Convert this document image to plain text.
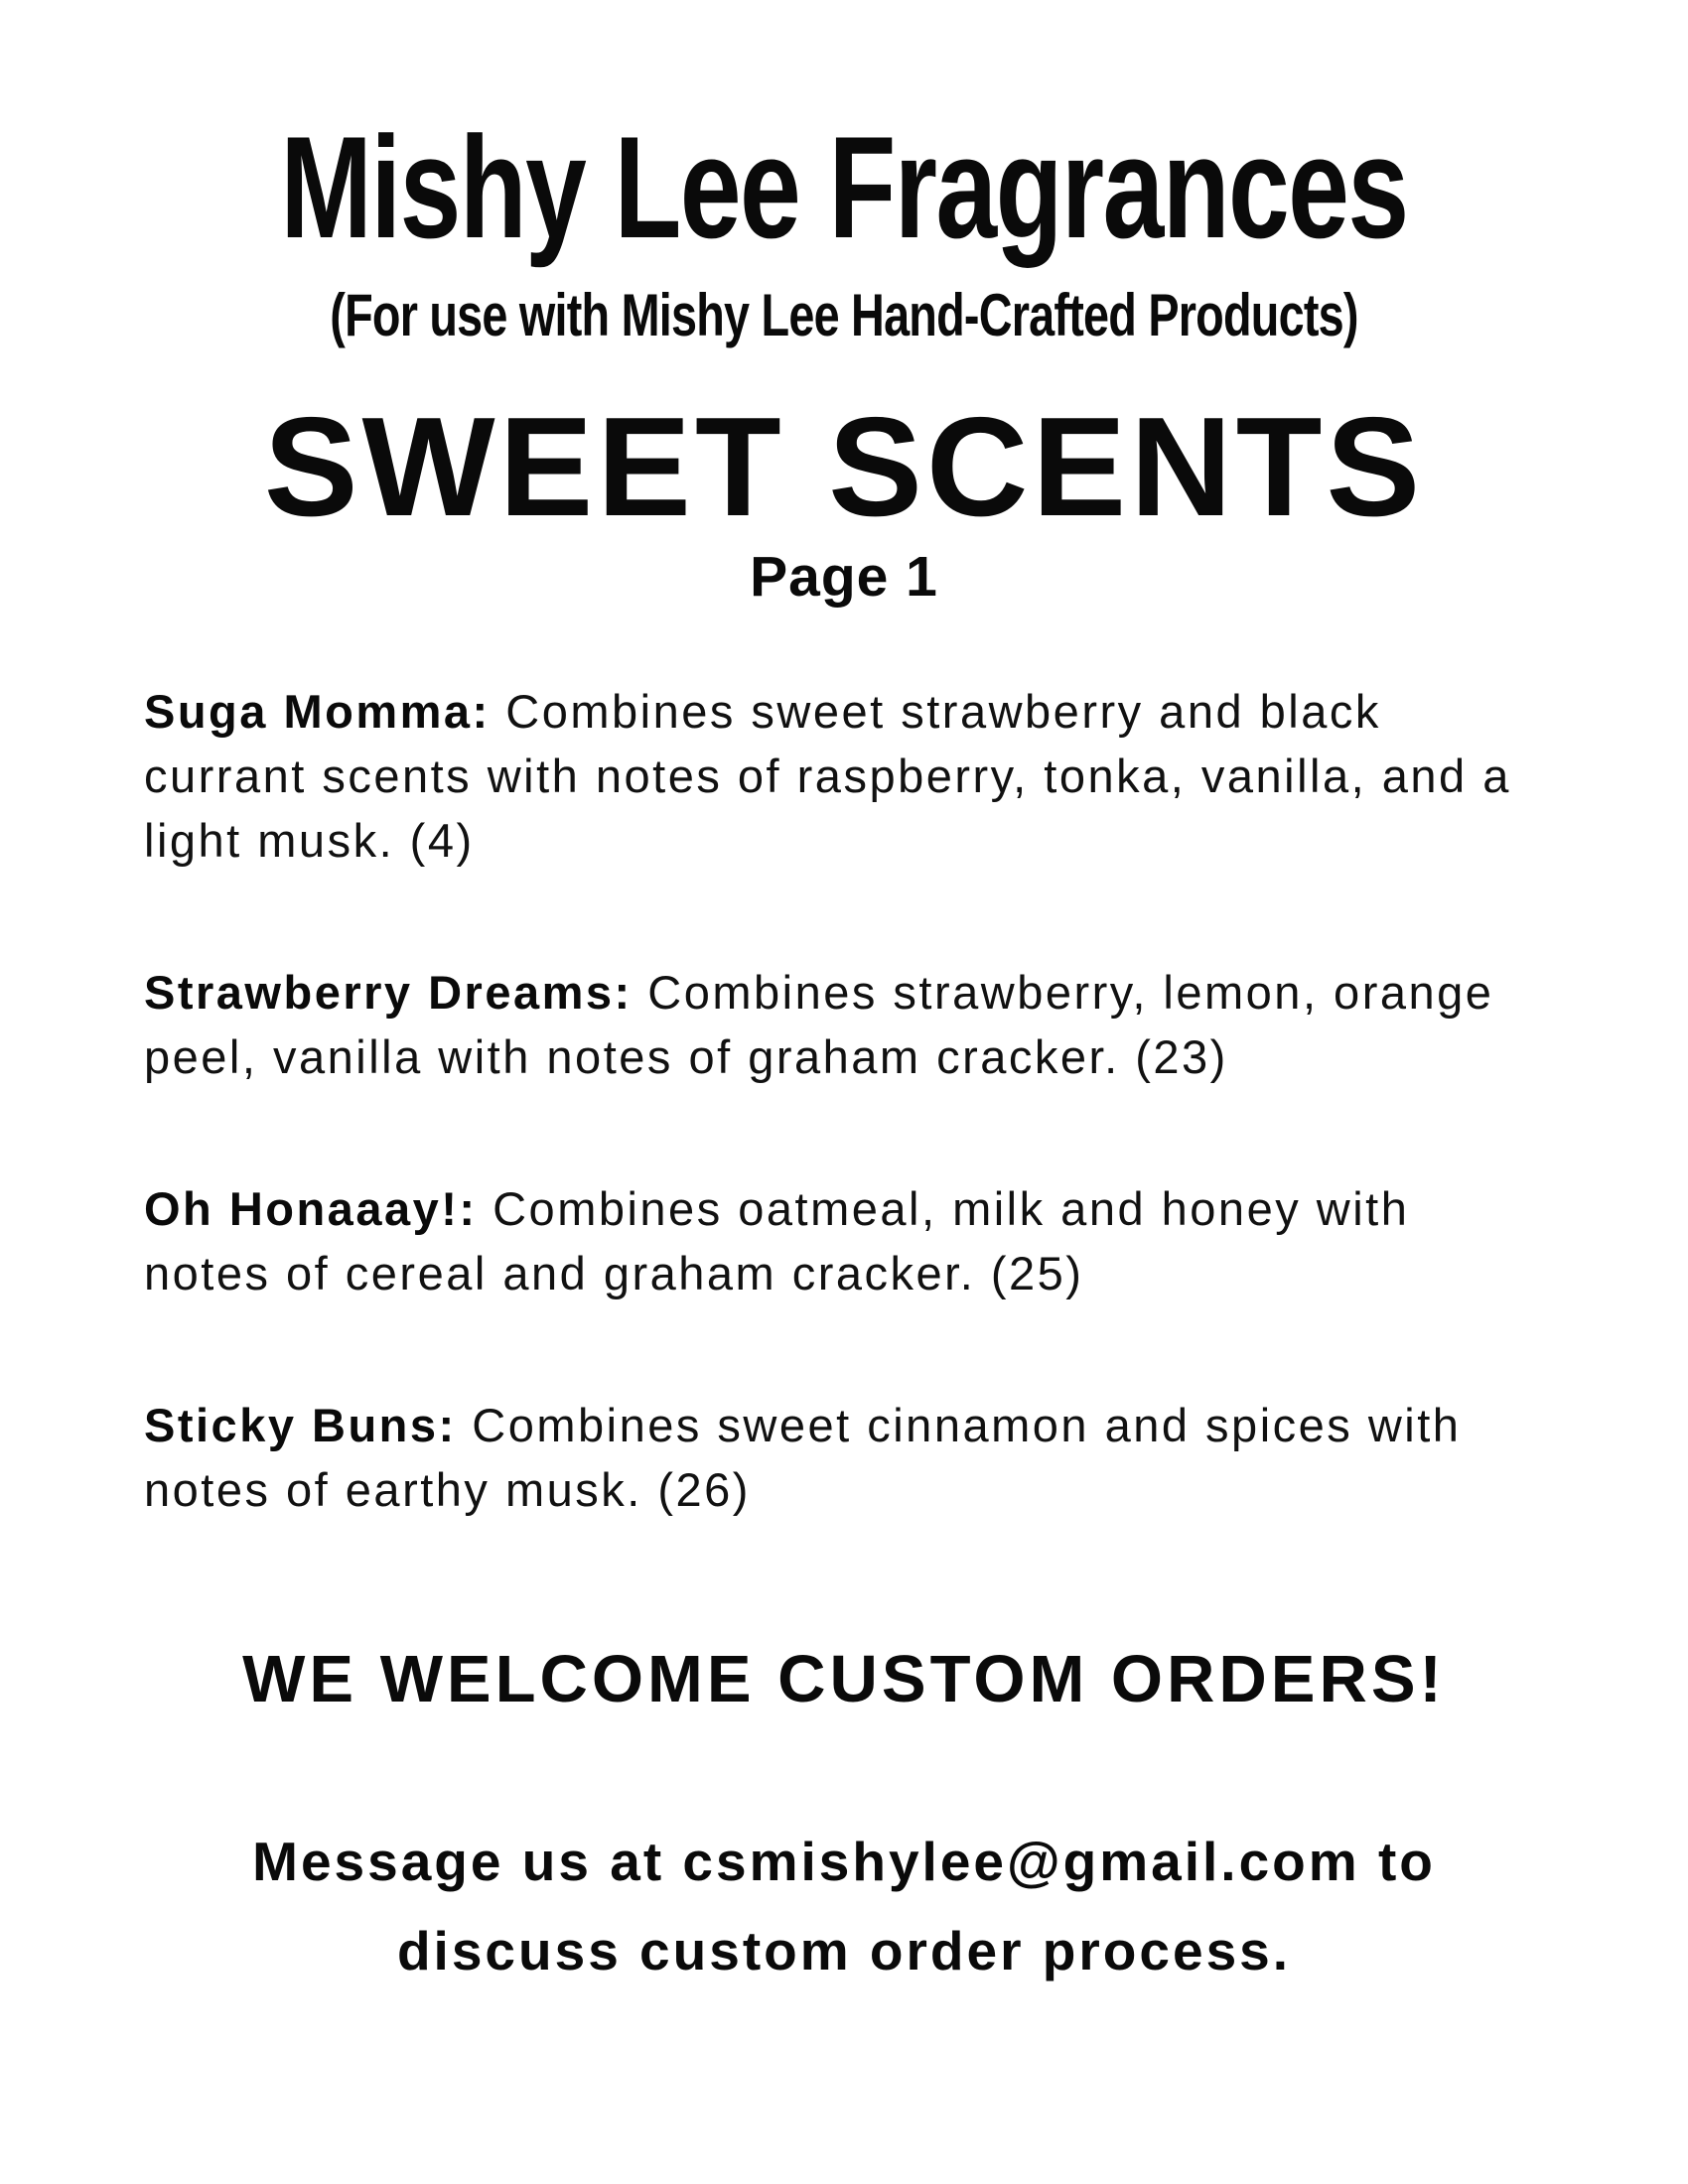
Mishy Lee Fragrances

(For use with Mishy Lee Hand-Crafted Products)

SWEET SCENTS

Page 1

Suga Momma: Combines sweet strawberry and black currant scents with notes of raspberry, tonka, vanilla, and a light musk. (4)

Strawberry Dreams: Combines strawberry, lemon, orange peel, vanilla with notes of graham cracker. (23)

Oh Honaaay!: Combines oatmeal, milk and honey with notes of cereal and graham cracker. (25)

Sticky Buns: Combines sweet cinnamon and spices with notes of earthy musk. (26)

WE WELCOME CUSTOM ORDERS!

Message us at csmishylee@gmail.com to discuss custom order process.
